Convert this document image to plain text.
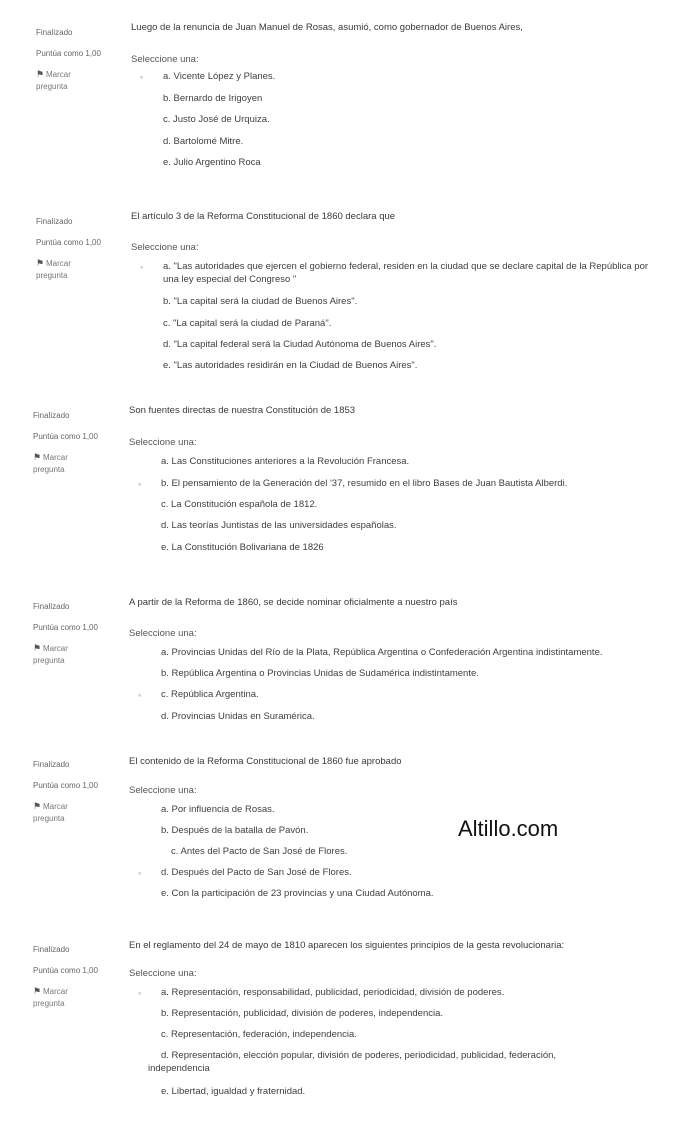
Finalizado
Puntúa como 1,00
⚑ Marcar
pregunta
Luego de la renuncia de Juan Manuel de Rosas, asumió, como gobernador de Buenos Aires,
Seleccione una:
◦	a. Vicente López y Planes.
b. Bernardo de Irigoyen
c. Justo José de Urquiza.
d. Bartolomé Mitre.
e. Julio Argentino Roca
Finalizado
Puntúa como 1,00
⚑ Marcar
pregunta
El artículo 3 de la Reforma Constitucional de 1860 declara que
Seleccione una:
◦	a. "Las autoridades que ejercen el gobierno federal, residen en la ciudad que se declare capital de la República por una ley especial del Congreso "
b. "La capital será la ciudad de Buenos Aires".
c. "La capital será la ciudad de Paraná".
d. "La capital federal será la Ciudad Autónoma de Buenos Aires".
e. "Las autoridades residirán en la Ciudad de Buenos Aires".
Finalizado
Puntúa como 1,00
⚑ Marcar
pregunta
Son fuentes directas de nuestra Constitución de 1853
Seleccione una:
a. Las Constituciones anteriores a la Revolución Francesa.
◦	b. El pensamiento de la Generación del '37, resumido en el libro Bases de Juan Bautista Alberdi.
c. La Constitución española de 1812.
d. Las teorías Juntistas de las universidades españolas.
e. La Constitución Bolivariana de 1826
Finalizado
Puntúa como 1,00
⚑ Marcar
pregunta
A partir de la Reforma de 1860, se decide nominar oficialmente a nuestro país
Seleccione una:
a. Provincias Unidas del Río de la Plata, República Argentina o Confederación Argentina indistintamente.
b. República Argentina o Provincias Unidas de Sudamérica indistintamente.
◦	c. República Argentina.
d. Provincias Unidas en Suramérica.
Finalizado
Puntúa como 1,00
⚑ Marcar
pregunta
El contenido de la Reforma Constitucional de 1860 fue aprobado
Seleccione una:
a. Por influencia de Rosas.
b. Después de la batalla de Pavón.
c. Antes del Pacto de San José de Flores.
◦	d. Después del Pacto de San José de Flores.
e. Con la participación de 23 provincias y una Ciudad Autónoma.
Finalizado
Puntúa como 1,00
⚑ Marcar
pregunta
En el reglamento del 24 de mayo de 1810 aparecen los siguientes principios de la gesta revolucionaria:
Seleccione una:
◦	a. Representación, responsabilidad, publicidad, periodicidad, división de poderes.
b. Representación, publicidad, división de poderes, independencia.
c. Representación, federación, independencia.
d. Representación, elección popular, división de poderes, periodicidad, publicidad, federación, independencia
e. Libertad, igualdad y fraternidad.
Altillo.com
